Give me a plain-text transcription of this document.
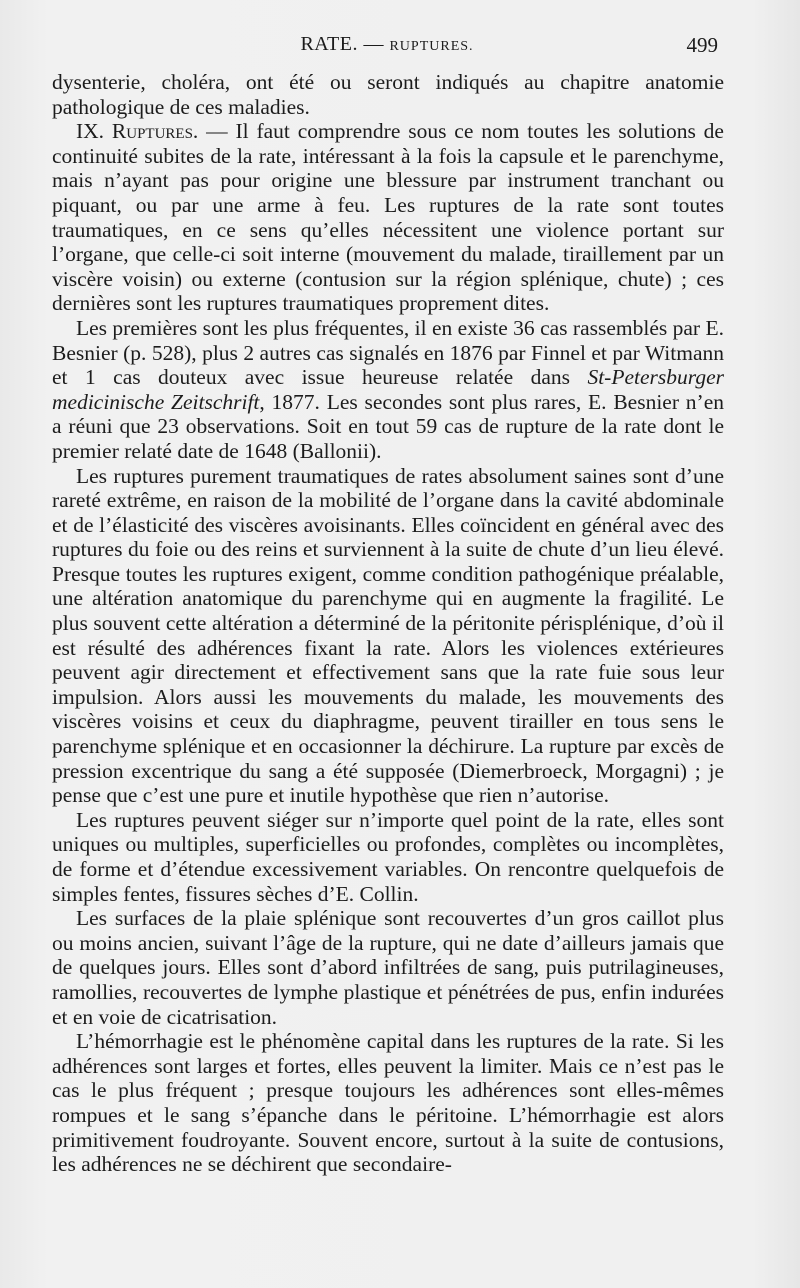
RATE. — RUPTURES.	499

dysenterie, choléra, ont été ou seront indiqués au chapitre anatomie pathologique de ces maladies.

IX. Ruptures. — Il faut comprendre sous ce nom toutes les solutions de continuité subites de la rate, intéressant à la fois la capsule et le parenchyme, mais n’ayant pas pour origine une blessure par instrument tranchant ou piquant, ou par une arme à feu. Les ruptures de la rate sont toutes traumatiques, en ce sens qu’elles nécessitent une violence portant sur l’organe, que celle-ci soit interne (mouvement du malade, tiraillement par un viscère voisin) ou externe (contusion sur la région splénique, chute) ; ces dernières sont les ruptures traumatiques proprement dites.

Les premières sont les plus fréquentes, il en existe 36 cas rassemblés par E. Besnier (p. 528), plus 2 autres cas signalés en 1876 par Finnel et par Witmann et 1 cas douteux avec issue heureuse relatée dans St-Petersburger medicinische Zeitschrift, 1877. Les secondes sont plus rares, E. Besnier n’en a réuni que 23 observations. Soit en tout 59 cas de rupture de la rate dont le premier relaté date de 1648 (Ballonii).

Les ruptures purement traumatiques de rates absolument saines sont d’une rareté extrême, en raison de la mobilité de l’organe dans la cavité abdominale et de l’élasticité des viscères avoisinants. Elles coïncident en général avec des ruptures du foie ou des reins et surviennent à la suite de chute d’un lieu élevé. Presque toutes les ruptures exigent, comme condition pathogénique préalable, une altération anatomique du parenchyme qui en augmente la fragilité. Le plus souvent cette altération a déterminé de la péritonite périsplénique, d’où il est résulté des adhérences fixant la rate. Alors les violences extérieures peuvent agir directement et effectivement sans que la rate fuie sous leur impulsion. Alors aussi les mouvements du malade, les mouvements des viscères voisins et ceux du diaphragme, peuvent tirailler en tous sens le parenchyme splénique et en occasionner la déchirure. La rupture par excès de pression excentrique du sang a été supposée (Diemerbroeck, Morgagni) ; je pense que c’est une pure et inutile hypothèse que rien n’autorise.

Les ruptures peuvent siéger sur n’importe quel point de la rate, elles sont uniques ou multiples, superficielles ou profondes, complètes ou incomplètes, de forme et d’étendue excessivement variables. On rencontre quelquefois de simples fentes, fissures sèches d’E. Collin.

Les surfaces de la plaie splénique sont recouvertes d’un gros caillot plus ou moins ancien, suivant l’âge de la rupture, qui ne date d’ailleurs jamais que de quelques jours. Elles sont d’abord infiltrées de sang, puis putrilagineuses, ramollies, recouvertes de lymphe plastique et pénétrées de pus, enfin indurées et en voie de cicatrisation.

L’hémorrhagie est le phénomène capital dans les ruptures de la rate. Si les adhérences sont larges et fortes, elles peuvent la limiter. Mais ce n’est pas le cas le plus fréquent ; presque toujours les adhérences sont elles-mêmes rompues et le sang s’épanche dans le péritoine. L’hémorrhagie est alors primitivement foudroyante. Souvent encore, surtout à la suite de contusions, les adhérences ne se déchirent que secondaire-
